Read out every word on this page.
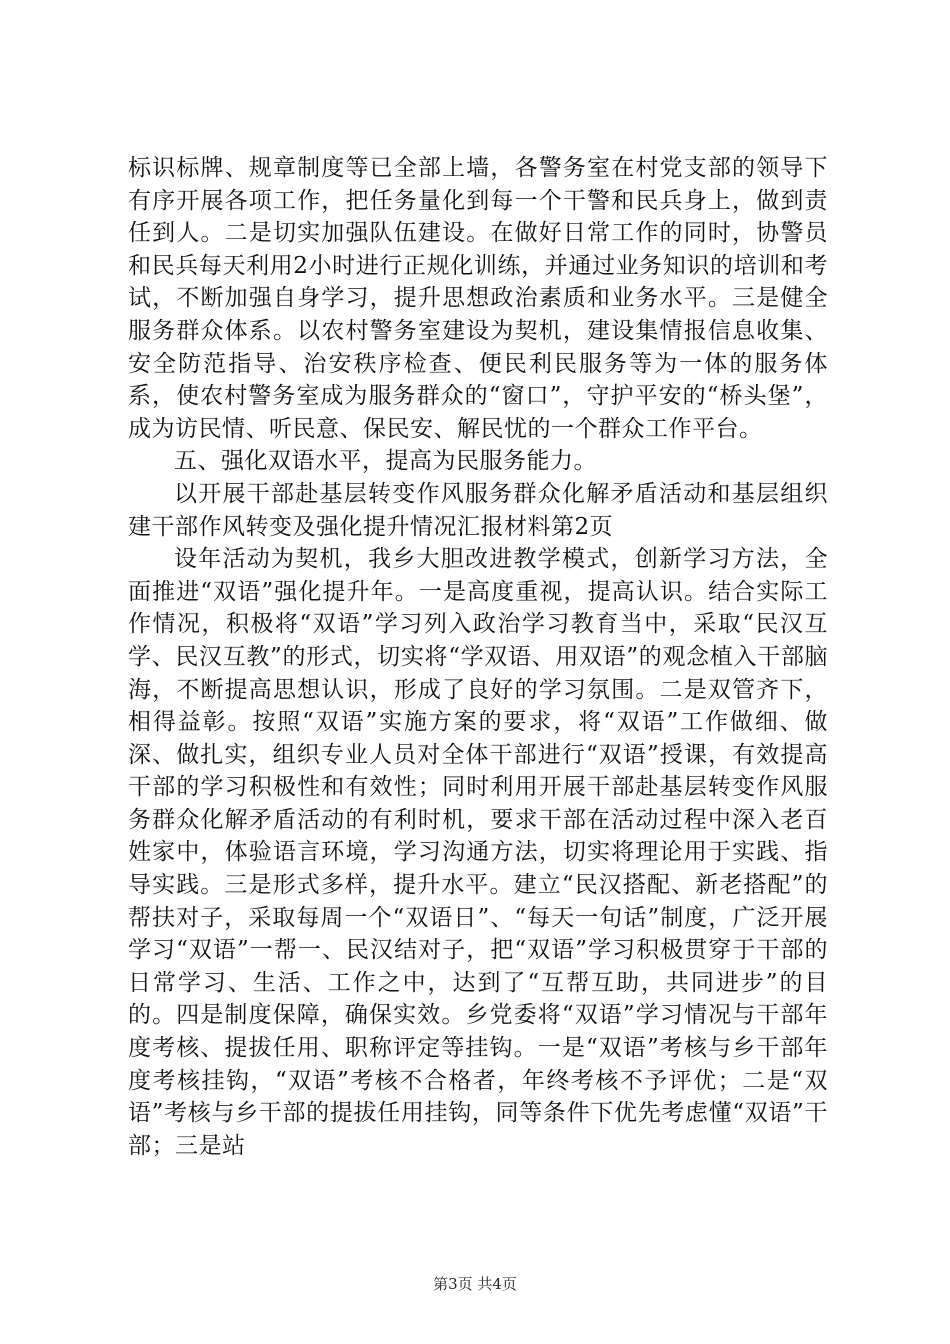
标识标牌、规章制度等已全部上墙，各警务室在村党支部的领导下有序开展各项工作，把任务量化到每一个干警和民兵身上，做到责任到人。二是切实加强队伍建设。在做好日常工作的同时，协警员和民兵每天利用2小时进行正规化训练，并通过业务知识的培训和考试，不断加强自身学习，提升思想政治素质和业务水平。三是健全服务群众体系。以农村警务室建设为契机，建设集情报信息收集、安全防范指导、治安秩序检查、便民利民服务等为一体的服务体系，使农村警务室成为服务群众的“窗口”，守护平安的“桥头堡”，成为访民情、听民意、保民安、解民忧的一个群众工作平台。

五、强化双语水平，提高为民服务能力。

以开展干部赴基层转变作风服务群众化解矛盾活动和基层组织建干部作风转变及强化提升情况汇报材料第2页

设年活动为契机，我乡大胆改进教学模式，创新学习方法，全面推进“双语”强化提升年。一是高度重视，提高认识。结合实际工作情况，积极将“双语”学习列入政治学习教育当中，采取“民汉互学、民汉互教”的形式，切实将“学双语、用双语”的观念植入干部脑海，不断提高思想认识，形成了良好的学习氛围。二是双管齐下，相得益彰。按照“双语”实施方案的要求，将“双语”工作做细、做深、做扎实，组织专业人员对全体干部进行“双语”授课，有效提高干部的学习积极性和有效性；同时利用开展干部赴基层转变作风服务群众化解矛盾活动的有利时机，要求干部在活动过程中深入老百姓家中，体验语言环境，学习沟通方法，切实将理论用于实践、指导实践。三是形式多样，提升水平。建立“民汉搭配、新老搭配”的帮扶对子，采取每周一个“双语日”、“每天一句话”制度，广泛开展学习“双语”一帮一、民汉结对子，把“双语”学习积极贯穿于干部的日常学习、生活、工作之中，达到了“互帮互助，共同进步”的目的。四是制度保障，确保实效。乡党委将“双语”学习情况与干部年度考核、提拔任用、职称评定等挂钩。一是“双语”考核与乡干部年度考核挂钩，“双语”考核不合格者，年终考核不予评优；二是“双语”考核与乡干部的提拔任用挂钩，同等条件下优先考虑懂“双语”干部；三是站

第3页 共4页
